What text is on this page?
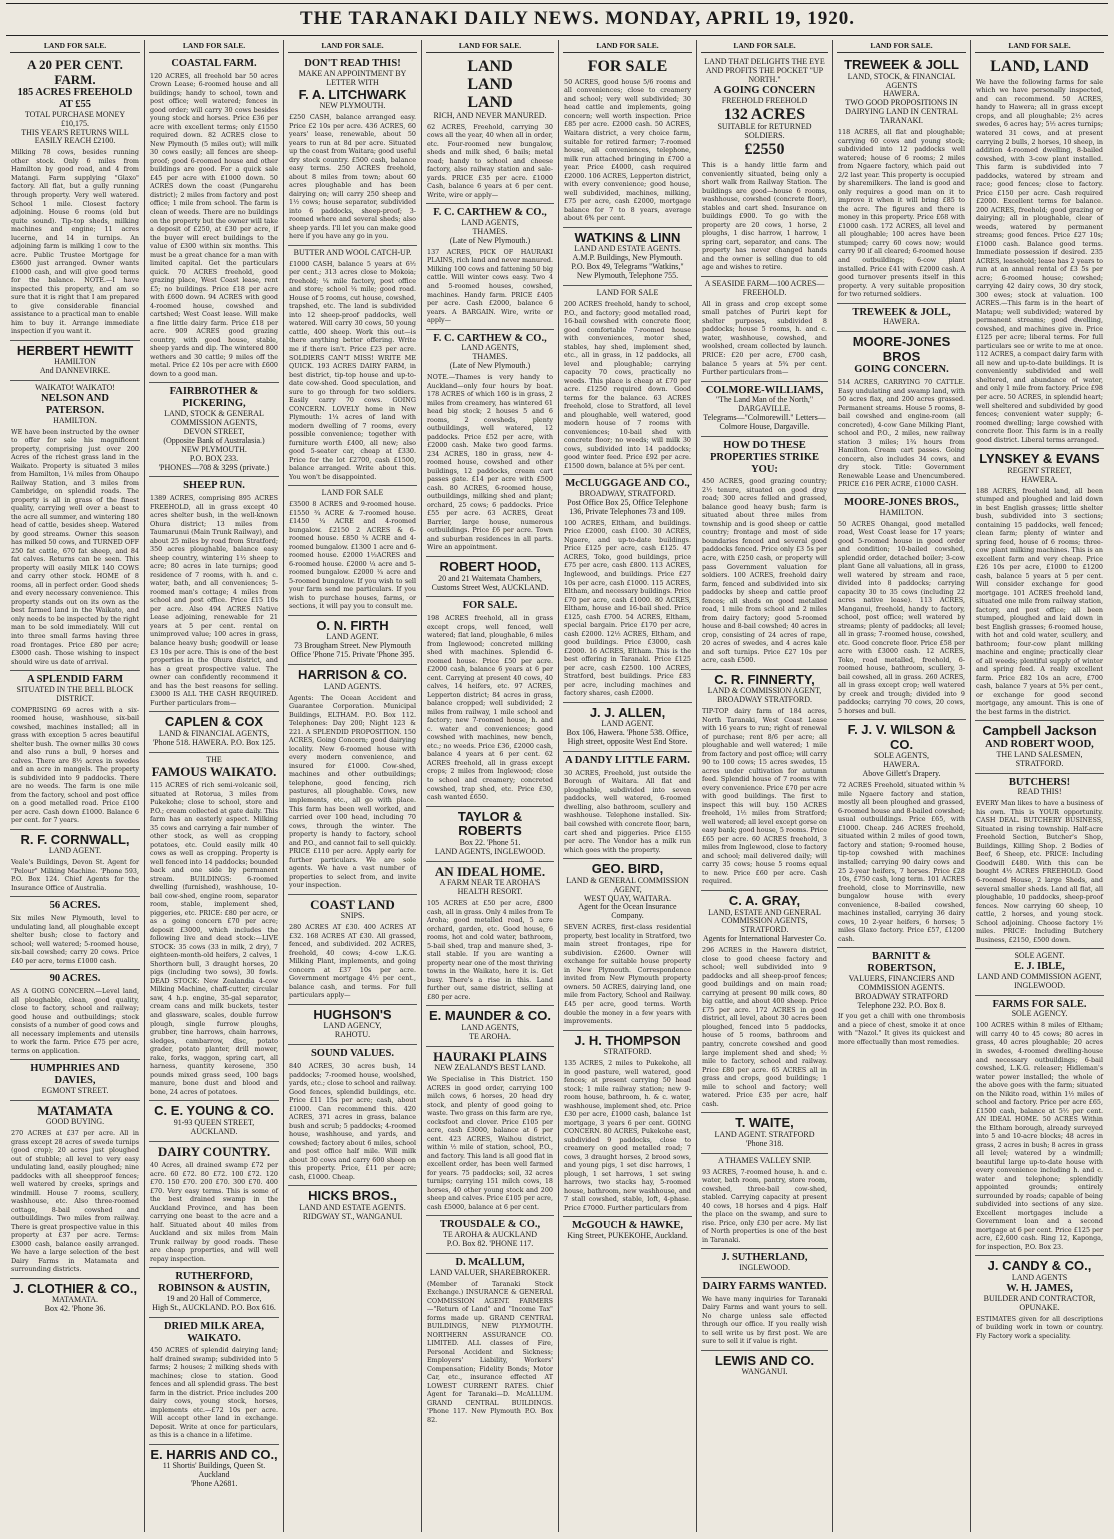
THE TARANAKI DAILY NEWS. MONDAY, APRIL 19, 1920.
LAND FOR SALE.
A 20 PER CENT. FARM.
185 ACRES FREEHOLD AT £55
TOTAL PURCHASE MONEY £10,175.
THIS YEAR'S RETURNS WILL EASILY REACH £2100.
Milking 78 cows, besides running other stock. Only 6 miles from Hamilton by good road, and 4 from Matangi. Farm supplying "Glaxo" factory. All flat, but a gully running through property. Very well watered. School 1 mile. Closest factory adjoining. House 6 rooms (old but quite sound). Tip-top sheds, milking machines and engine; 11 acres lucerne, and 14 in turnips. An adjoining farm is milking 1 cow to the acre. Public Trustee Mortgage for £3600 just arranged. Owner wants £1000 cash, and will give good terms for the balance. NOTE.—I have inspected this property, and am so sure that it is right that I am prepared to give considerable financial assistance to a practical man to enable him to buy it. Arrange immediate inspection if you want it.
HERBERT HEWITT
HAMILTON
And DANNEVIRKE.
WAIKATO! WAIKATO!
NELSON AND PATERSON.
HAMILTON.
WE have been instructed by the owner to offer for sale his magnificent property, comprising just over 200 Acres of the richest grass land in the Waikato. Property is situated 3 miles from Hamilton, 1¼ miles from Ohaupo Railway Station, and 3 miles from Cambridge, on splendid roads. The property is all in grass of the finest quality, carrying well over a beast to the acre all summer, and wintering 180 head of cattle, besides sheep. Watered by good streams. Owner this season has milked 50 cows, and TURNED OFF 250 fat cattle, 670 fat sheep, and 84 fat calves. Returns can be seen. This property will easily MILK 140 COWS and carry other stock. HOME of 8 rooms, all in perfect order. Good sheds and every necessary convenience. This property stands out on its own as the best farmed land in the Waikato, and only needs to be inspected by the right man to be sold immediately. Will cut into three small farms having three road frontages. Price £80 per acre; £3000 cash. Those wishing to inspect should wire us date of arrival.
A SPLENDID FARM
SITUATED IN THE BELL BLOCK DISTRICT.
COMPRISING 69 acres with a six-roomed house, washhouse, six-bail cowshed, machines installed; all in grass with exception 5 acres beautiful shelter bush. The owner milks 30 cows and also runs a bull, 9 horses and calves. There are 8½ acres in swedes and an acre in mangels. The property is subdivided into 9 paddocks. There are no weeds. The farm is one mile from the factory, school and post office on a good metalled road. Price £100 per acre. Cash down £1000. Balance 6 per cent. for 7 years.
R. F. CORNWALL,
LAND AGENT.
Veale's Buildings, Devon St. Agent for "Pelour" Milking Machine. 'Phone 593, P.O. Box 124. Chief Agents for the Insurance Office of Australia.
56 ACRES.
Six miles New Plymouth, level to undulating land, all ploughable except shelter bush; close to factory and school; well watered; 5-roomed house, six-bail cowshed; carry 20 cows. Price £40 per acre, terms £1000 cash.
90 ACRES.
AS A GOING CONCERN.—Level land, all ploughable, clean, good quality, close to factory, school and railway; good house and outbuildings; stock consists of a number of good cows and all necessary implements and utensils to work the farm. Price £75 per acre, terms on application.
HUMPHRIES AND DAVIES,
EGMONT STREET.
MATAMATA
GOOD BUYING.
270 ACRES at £37 per acre. All in grass except 28 acres of swede turnips (good crop); 20 acres just ploughed out of stubble; all level to very easy undulating land, easily ploughed; nine paddocks with all sheepproof fences; well watered by creeks, springs and windmill. House 7 rooms, scullery, washhouse, etc. Also three-roomed cottage, 8-bail cowshed and outbuildings. Two miles from railway. There is great prospective value in this property at £37 per acre. Terms: £3000 cash, balance easily arranged. We have a large selection of the best Dairy Farms in Matamata and surrounding districts.
J. CLOTHIER & CO.,
MATAMATA.
Box 42. 'Phone 36.
LAND FOR SALE.
COASTAL FARM.
120 ACRES, all freehold bar 50 acres Crown Lease; 6-roomed house and all buildings; handy to school, town and post office; well watered; fences in good order; will carry 30 cows besides young stock and horses. Price £36 per acre with excellent terms; only £1550 required down. 82 ACRES close to New Plymouth (5 miles out); will milk 30 cows easily; all fences are sheep-proof; good 6-roomed house and other buildings are good. For a quick sale £45 per acre with £1000 down. 50 ACRES down the coast (Pungarehu district); 2 miles from factory and post office; 1 mile from school. The farm is clean of weeds. There are no buildings on the property but the owner will take a deposit of £250, at £30 per acre, if the buyer will erect buildings to the value of £300 within six months. This must be a great chance for a man with limited capital. Get the particulars quick. 70 ACRES freehold, good grazing place, West Coast lease, rent £5; no buildings. Price £18 per acre with £600 down. 94 ACRES with good 4-roomed house, cowshed and cartshed; West Coast lease. Will make a fine little dairy farm. Price £18 per acre. 909 ACRES good grazing country, with good house, stable, sheep yards and dip. The wintered 800 wethers and 30 cattle; 9 miles off the metal. Price £2 10s per acre with £600 down to a good man.
FAIRBROTHER & PICKERING,
LAND, STOCK & GENERAL COMMISSION AGENTS,
DEVON STREET,
(Opposite Bank of Australasia.)
NEW PLYMOUTH.
P.O. BOX 233.
'PHONES—708 & 329S (private.)
SHEEP RUN.
1389 ACRES, comprising 895 ACRES FREEHOLD, all in grass except 40 acres shelter bush, in the well-known Ohura district; 13 miles from Taumarunui (Main Trunk Railway), and about 25 miles by road from Stratford; 350 acres ploughable, balance easy sheep country, wintering 1½ sheep to acre; 80 acres in late turnips; good residence of 7 rooms, with h. and c. water, bath, and all conveniences; 5-roomed man's cottage; 4 miles from school and post office. Price £15 10s per acre. Also 494 ACRES Native Lease adjoining, renewable for 21 years at 5 per cent. rental on unimproved value; 100 acres in grass, balance heavy bush; goodwill or lease £3 10s per acre. This is one of the best properties in the Ohura district, and has a great prospective value. The owner can confidently recommend it and has the best reasons for selling. £3000 IS ALL THE CASH REQUIRED. Further particulars from—
CAPLEN & COX
LAND & FINANCIAL AGENTS,
'Phone 518. HAWERA. P.O. Box 125.
THE
FAMOUS WAIKATO.
115 ACRES of rich semi-volcanic soil, situated at Rotorua, 3 miles from Pukekohe; close to school, store and P.O.; cream collected at gate daily. This farm has an easterly aspect. Milking 35 cows and carrying a fair number of other stock, as well as cropping potatoes, etc. Could easily milk 40 cows as well as cropping. Property is well fenced into 14 paddocks; bounded back and one side by permanent stream. BUILDINGS: 6-roomed dwelling (furnished), washhouse, 10-bail cow-shed, engine room, separator room, stable, implement shed, piggeries, etc. PRICE: £80 per acre, or as a going concern £70 per acre; deposit £3000, which includes the following live and dead stock:—LIVE STOCK: 35 cows (33 in milk, 2 dry), 7 eighteen-month-old heifers, 2 calves, 1 Shorthorn bull, 3 draught horses, 20 pigs (including two sows), 30 fowls. DEAD STOCK: New Zealandia 4-cow Milking Machine, chaff-cutter, circular saw, 4 h.p. engine, 35-gal separator, cream cans and milk buckets, tester and glassware, scales, double furrow plough, single furrow ploughs, grubber, tine harrows, chain harrows, sledges, cambarrow, disc, potato grader, potato planter, drill mower, rake, forks, waggon, spring cart, all harness, quantity kerosene, 350 pounds mixed grass seed, 100 bags manure, bone dust and blood and bone, 24 acres of potatoes.
C. E. YOUNG & CO.
91-93 QUEEN STREET, AUCKLAND.
DAIRY COUNTRY.
40 Acres, all drained swamp £72 per acre. 60 £72. 80 £72. 100 £72. 120 £70. 150 £70. 200 £70. 300 £70. 400 £70. Very easy terms. This is some of the best drained swamp in the Auckland Province, and has been carrying one beast to the acre and a half. Situated about 40 miles from Auckland and six miles from Main Trunk railway by good roads. These are cheap properties, and will well repay inspection.
RUTHERFORD, ROBINSON & AUSTIN,
19 and 20 Hall of Commerce,
High St., AUCKLAND. P.O. Box 616.
DRIED MILK AREA, WAIKATO.
450 ACRES of splendid dairying land; half drained swamp; subdivided into 5 farms; 2 houses; 2 milking sheds with machines; close to station. Good fences and all splendid grass. The best farm in the district. Price includes 200 dairy cows, young stock, horses, implements etc.—£72 10s per acre. Will accept other land in exchange. Deposit. Write at once for particulars, as this is a chance in a lifetime.
E. HARRIS AND CO.,
11 Shortis' Buildings, Queen St. Auckland
'Phone A2681.
LAND FOR SALE.
DON'T READ THIS!
MAKE AN APPOINTMENT BY LETTER WITH
F. A. LITCHWARK
NEW PLYMOUTH.
£250 CASH, balance arranged easy. Price £2 10s per acre. 436 ACRES, 60 years' lease, renewable, about 50 years to run at 8d per acre. Situated up the coast from Waitara; good useful dry stock country. £500 cash, balance easy terms. 250 ACRES freehold, about 8 miles from town; about 60 acres ploughable and has been dairying on; will carry 250 sheep and 1½ cows; house separator, subdivided into 6 paddocks, sheep-proof; 3-roomed where and several sheds; also sheep yards. I'll let you can make good here if you have any go in you.
BUTTER AND WOOL CATCH-UP.
£1000 CASH, balance 5 years at 6½ per cent.; 313 acres close to Mokoia; freehold; ¼ mile factory, post office and store; school ¼ mile; good road. House of 5 rooms, cut house, cowshed, trapshed, etc. The land is subdivided into 12 sheep-proof paddocks, well watered. Will carry 30 cows, 50 young cattle, 400 sheep. Work this out—is there anything better offering. Write me if there isn't. Price £23 per acre. SOLDIERS CAN'T MISS! WRITE ME QUICK. 193 ACRES DAIRY FARM, in best district, tip-top house and up-to-date cow-shed. Good speculation, and sure to go through for two soldiers. Easily carry 70 cows. GOING CONCERN. LOVELY home in New Plymouth: 1¼ acres of land with modern dwelling of 7 rooms, every possible convenience; together with furniture worth £400, all new; also good 5-seater car, cheap at £330. Price for the lot £2700, cash £1500, balance arranged. Write about this. You won't be disappointed.
LAND FOR SALE
£3500 8 ACRES and 9-roomed house. £1550 ¾ ACRE & 7-roomed house. £1450 ¼ ACRE and 4-roomed bungalow. £2150 2 ACRES & 6-roomed house. £850 ¼ ACRE and 4-roomed bungalow. £1300 1 acre and 6-roomed house. £2000 1½ACRES and 6-roomed house. £2000 ¼ acre and 5-roomed bungalow. £2000 ¼ acre and 5-roomed bungalow. If you wish to sell your farm send me particulars. If you wish to purchase houses, farms, or sections, it will pay you to consult me.
O. N. FIRTH
LAND AGENT.
73 Brougham Street. New Plymouth Office 'Phone 715. Private 'Phone 395.
HARRISON & CO.
LAND AGENTS.
Agents: The Ocean Accident and Guarantee Corporation. Municipal Buildings, ELTHAM. P.O. Box 112. Telephones: Day 200; Night 123 & 221. A SPLENDID PROPOSITION. 150 ACRES, Going Concern; good dairying locality. New 6-roomed house with every modern convenience, and insured for £1000. Cow-shed, machines and other outbuildings; telephone, good fencing, rich pastures, all ploughable. Cows, new implements, etc., all go with place. This farm has been well worked, and carried over 100 head, including 70 cows, through the winter. The property is handy to factory, school and P.O., and cannot fail to sell quickly. PRICE £110 per acre. Apply early for further particulars. We are sole agents. We have a vast number of properties to select from, and invite your inspection.
COAST LAND
SNIPS.
280 ACRES AT £30. 400 ACRES AT £32. 168 ACRES AT £30. All grassed, fenced, and subdivided. 202 ACRES, freehold, 40 cows; 4-cow L.K.G. Milking Plant, implements, and going concern at £37 10s per acre. Government mortgage 4½ per cent., balance cash, and terms. For full particulars apply—
HUGHSON'S
LAND AGENCY,
RAHOTU.
SOUND VALUES.
840 ACRES, 30 acres bush, 14 paddocks; 7-roomed house, woolshed, yards, etc.; close to school and railway. Good fences, splendid buildings, etc. Price £11 15s per acre; cash, about £1000. Can recommend this. 420 ACRES, 371 acres in grass, balance bush and scrub; 5 paddocks; 4-roomed house, washhouse, and yards, and cowshed; factory about 6 miles, school and post office half mile. Will milk about 30 cows and carry 600 sheep on this property. Price, £11 per acre; cash, £1000. Cheap.
HICKS BROS.,
LAND AND ESTATE AGENTS.
RIDGWAY ST., WANGANUI.
LAND FOR SALE.
LAND
LAND
LAND
RICH, AND NEVER MANURED.
62 ACRES, Freehold, carrying 30 cows all the year, 40 when all in order, etc. Four-roomed new bungalow, sheds and milk shed, 6 bails; metal road; handy to school and cheese factory, also railway station and sale-yards. PRICE £35 per acre. £1000 Cash, balance 6 years at 6 per cent. Write, wire or apply—
F. C. CARTHEW & CO.,
LAND AGENTS,
THAMES.
(Late of New Plymouth.)
137 ACRES, PICK OF HAURAKI PLAINS, rich land and never manured. Milking 100 cows and fattening 50 big cattle. Will winter cows easy. Two 4 and 5-roomed houses, cowshed, machines. Handy farm. PRICE £405 per acre. Cash £2000, balance 6 years. A BARGAIN. Wire, write or apply—
F. C. CARTHEW & CO.,
LAND AGENTS,
THAMES.
(Late of New Plymouth.)
NOTE.—Thames is very handy to Auckland—only four hours by boat. 178 ACRES of which 160 is in grass, 2 miles from creamery, has wintered 61 head big stock; 2 houses 5 and 6 rooms, 2 cowsheds, plenty outbuildings, well watered, 12 paddocks. Price £52 per acre, with £2000 cash. Make two good farms. 234 ACRES, 180 in grass, new 4-roomed house, cowshed and other buildings, 12 paddocks, cream cart passes gate. £14 per acre with £500 cash. 80 ACRES, 6-roomed house, outbuildings, milking shed and plant; orchard, 25 cows; 6 paddocks. Price £55 per acre. 63 ACRES, Great Barrier, large house, numerous outbuildings. Price £6 per acre. Town and suburban residences in all parts. Wire an appointment.
ROBERT HOOD,
20 and 21 Waitemata Chambers, Customs Street West, AUCKLAND.
FOR SALE.
198 ACRES freehold, all in grass except crops, well fenced, well watered; flat land, ploughable, 6 miles from Inglewood; concreted milking shed with machines. Splendid 6-roomed house. Price £50 per acre. £2000 cash, balance 6 years at 6 per cent. Carrying at present 40 cows, 40 calves, 14 heifers, etc. 97 ACRES, Lepperton district; 84 acres in grass, balance cropped; well subdivided; 2 miles from railway, 1 mile school and factory; new 7-roomed house, h. and c. water and conveniences; good cowshed with machines, new bench, etc.; no weeds. Price £36, £2000 cash, balance 4 years at 6 per cent. 62 ACRES freehold, all in grass except crops; 2 miles from Inglewood; close to school and creamery; concreted cowshed, trap shed, etc. Price £30, cash wanted £650.
TAYLOR & ROBERTS
Box 22. 'Phone 51.
LAND AGENTS, INGLEWOOD.
AN IDEAL HOME.
A FARM NEAR TE AROHA'S HEALTH RESORT.
105 ACRES at £50 per acre, £800 cash, all in grass. Only 4 miles from Te Aroha; good metalled road, 5 acre orchard, garden, etc. Good house, 6 rooms, hot and cold water, bathroom, 5-bail shed, trap and manure shed, 3-stall stable. If you are wanting a property near one of the most thriving towns in the Waikato, here it is. Get busy. There's a rise in this. Land further out, same district, selling at £80 per acre.
E. MAUNDER & CO.
LAND AGENTS,
TE AROHA.
HAURAKI PLAINS
NEW ZEALAND'S BEST LAND.
We Specialise in This District. 150 ACRES in good order, carrying 100 milch cows, 6 horses, 20 head dry stock, and plenty of good going to waste. Two grass on this farm are rye, cocksfoot and clover. Price £105 per acre, cash £3000, balance at 6 per cent. 423 ACRES, Waihou district, within ½ mile of station, school, P.O., and factory. This land is all good flat in excellent order, has been well farmed for years. 75 paddocks; soil, 32 acres turnips; carrying 151 milch cows, 18 horses, 40 other young stock and 200 sheep and calves. Price £105 per acre, cash £5000, balance at 6 per cent.
TROUSDALE & CO.,
TE AROHA & AUCKLAND
P.O. Box 82. 'PHONE 117.
D. McALLUM,
LAND VALUER, SHAREBROKER.
(Member of Taranaki Stock Exchange.) INSURANCE & GENERAL COMMISSION AGENT. FARMERS—"Return of Land" and "Income Tax" forms made up. GRAND CENTRAL BUILDINGS, NEW PLYMOUTH. NORTHERN ASSURANCE CO. LIMITED. ALL classes of Fire, Personal Accident and Sickness; Employers' Liability, Workers' Compensation; Fidelity Bonds; Motor Car, etc., insurance effected AT LOWEST CURRENT RATES. Chief Agent for Taranaki—D. McALLUM. GRAND CENTRAL BUILDINGS. 'Phone 117. New Plymouth P.O. Box 82.
LAND FOR SALE.
FOR SALE
50 ACRES, good house 5/6 rooms and all conveniences; close to creamery and school; very well subdivided; 30 head cattle and implements, going concern; well worth inspection. Price £85 per acre. £2000 cash. 50 ACRES, Waitara district, a very choice farm, suitable for retired farmer; 7-roomed house, all conveniences, telephone, milk run attached bringing in £700 a year. Price £4000, cash required £2000. 106 ACRES, Lepperton district, with every convenience; good house, well subdivided, machines, milking, £75 per acre, cash £2000, mortgage balance for 7 to 8 years, average about 6% per cent.
WATKINS & LINN
LAND AND ESTATE AGENTS.
A.M.P. Buildings, New Plymouth.
P.O. Box 49, Telegrams "Watkins," New Plymouth, Telephone 755.
LAND FOR SALE
200 ACRES freehold, handy to school, P.O., and factory; good metalled road, 16-bail cowshed with concrete floor, good comfortable 7-roomed house with conveniences, motor shed, stables, hay shed, implement shed, etc., all in grass, in 12 paddocks, all level and ploughable; carrying capacity 70 cows, practically no weeds. This place is cheap at £70 per acre. £1250 required down. Good terms for the balance. 63 ACRES freehold, close to Stratford, all level and ploughable, well watered, good modern house of 7 rooms with conveniences; 10-bail shed with concrete floor; no weeds; will milk 30 cows, subdivided into 14 paddocks; good winter feed. Price £92 per acre. £1500 down, balance at 5¾ per cent.
McCLUGGAGE AND CO.,
BROADWAY, STRATFORD.
Post Office Box 25, Office Telephone 136, Private Telephones 73 and 109.
100 ACRES, Eltham, and buildings. Price £2000, cash £100. 30 ACRES, Ngaere, and up-to-date buildings. Price £125 per acre, cash £125. 47 ACRES, Toko, good buildings, price £75 per acre, cash £800. 113 ACRES, Inglewood, and buildings. Price £27 10s per acre, cash £1000. 115 ACRES, Eltham, and necessary buildings. Price £70 per acre, cash £1000. 80 ACRES, Eltham, house and 16-bail shed. Price £125, cash £700. 54 ACRES, Eltham, special bargain. Price £170 per acre, cash £2000. 12½ ACRES, Eltham, and good buildings. Price £3000, cash £2000. 16 ACRES, Eltham. This is the best offering in Taranaki. Price £125 per acre, cash £2500. 100 ACRES, Stratford, best buildings. Price £83 per acre, including machines and factory shares, cash £2000.
J. J. ALLEN,
LAND AGENT.
Box 106, Hawera. 'Phone 538. Office, High street, opposite West End Store.
A DANDY LITTLE FARM.
30 ACRES, Freehold, just outside the Borough of Waitara. All flat and ploughable, subdivided into seven paddocks, well watered, 6-roomed dwelling, also bathroom, scullery and washhouse. Telephone installed. Six-bail cowshed with concrete floor, barn, cart shed and piggeries. Price £155 per acre. The Vendor has a milk run which goes with the property.
GEO. BIRD,
LAND & GENERAL COMMISSION AGENT,
WEST QUAY, WAITARA.
Agent for the Ocean Insurance Company.
SEVEN ACRES, first-class residential property, best locality in Stratford, two main street frontages, ripe for subdivision. £2600. Owner will exchange for suitable house property in New Plymouth. Correspondence invited from New Plymouth property owners. 50 ACRES, dairying land, one mile from Factory, School and Railway. £45 per acre, good terms. Worth double the money in a few years with improvements.
J. H. THOMPSON
STRATFORD.
135 ACRES, 2 miles to Pukekohe, all in good pasture, well watered, good fences; at present carrying 50 head stock; 1 mile railway station; new 9-room house, bathroom, h. & c. water, washhouse, implement shed, etc. Price £30 per acre, £1000 cash, balance 1st mortgage, 3 years 6 per cent. GOING CONCERN. 80 ACRES, Pukekohe east, subdivided 9 paddocks, close to creamery on good metalled road; 7 cows, 3 draught horses, 2 brood sows, and young pigs, 1 set disc harrows, 1 plough, 1 set harrows, 1 set swing harrows, two stacks hay, 5-roomed house, bathroom, new washhouse, and 7 stall cowshed, stable, loft, 4-phase. Price £7000. Further particulars from
McGOUCH & HAWKE,
King Street, PUKEKOHE, Auckland.
LAND FOR SALE.
LAND THAT DELIGHTS THE EYE AND PROFITS THE POCKET "UP NORTH."
A GOING CONCERN
FREEHOLD FREEHOLD
132 ACRES
SUITABLE for RETURNED SOLDIERS.
£2550
This is a handy little farm and conveniently situated, being only a short walk from Railway Station. The buildings are good—house 6 rooms, washhouse, cowshed (concrete floor), stables and cart shed. Insurance on buildings £900. To go with the property are 20 cows, 1 horse, 2 ploughs, 1 disc harrow, 1 harrow, 1 spring cart, separator, and cans. The property has never changed hands and the owner is selling due to old age and wishes to retire.
A SEASIDE FARM—100 ACRES—FREEHOLD.
All in grass and crop except some small patches of Puriri kept for shelter purposes, subdivided 8 paddocks; house 5 rooms, h. and c. water, washhouse, cowshed, and woolshed, cream collected by launch. PRICE: £20 per acre, £700 cash, balance 5 years at 5¾ per cent. Further particulars from—
COLMORE-WILLIAMS,
"The Land Man of the North,"
DARGAVILLE.
Telegrams—"Colmorewill." Letters—Colmore House, Dargaville.
HOW DO THESE PROPERTIES STRIKE YOU:
450 ACRES, good grazing country; 2½ tenure, situated on good dray road; 300 acres felled and grassed, balance good heavy bush; farm is situated about three miles from township and is good sheep or cattle country; frontage and most of side boundaries fenced and several good paddocks fenced. Price only £3 5s per acre, with £250 cash, or property will pass Government valuation for soldiers. 100 ACRES, freehold dairy farm, fenced and subdivided into six paddocks by sheep and cattle proof fences; all sheds on good metalled road, 1 mile from school and 2 miles from dairy factory; good 5-roomed house and 8-bail cowshed; 40 acres in crop, consisting of 24 acres of rape, 20 acres of swedes, and 4 acres kale and soft turnips. Price £27 10s per acre, cash £500.
C. R. FINNERTY,
LAND & COMMISSION AGENT,
BROADWAY STRATFORD.
TIP-TOP dairy farm of 184 acres, North Taranaki, West Coast Lease with 16 years to run; right of renewal of purchase; rent 8/6 per acre; all ploughable and well watered; 1 mile from factory and post office; will carry 90 to 100 cows; 15 acres swedes, 15 acres under cultivation for autumn feed. Splendid house of 7 rooms with every convenience. Price £70 per acre with good buildings. The first to inspect this will buy. 150 ACRES freehold, 1½ miles from Stratford; well watered; all level except gorse on easy bank; good house, 5 rooms. Price £65 per acre. 60 ACRES freehold, 3 miles from Inglewood, close to factory and school; mail delivered daily; will carry 35 cows; house 5 rooms equal to new. Price £60 per acre. Cash required.
C. A. GRAY,
LAND, ESTATE AND GENERAL COMMISSION AGENTS,
STRATFORD.
Agents for International Harvester Co.
296 ACRES in the Hawera district, close to good cheese factory and school; well subdivided into 9 paddocks and all sheep-proof fences; good buildings and on main road; carrying at present 90 milk cows, 80 big cattle, and about 400 sheep. Price £75 per acre. 172 ACRES in good district, all level, about 30 acres been ploughed, fenced into 5 paddocks, house of 5 rooms, bathroom and pantry, concrete cowshed and good large implement shed and shed; ½ mile to factory, school and railway. Price £80 per acre. 65 ACRES all in grass and crops, good buildings; 1 mile to school and factory; well watered. Price £35 per acre, half cash.
T. WAITE,
LAND AGENT. STRATFORD
'Phone 318.
A THAMES VALLEY SNIP.
93 ACRES, 7-roomed house, h. and c. water, bath room, pantry, store room, cowshed, three-bail cow-shed, stabled. Carrying capacity at present 40 cows, 18 horses and 4 pigs. Half the place on the swamp, and sure to rise. Price, only £30 per acre. My list of North properties is one of the best in Taranaki.
J. SUTHERLAND,
INGLEWOOD.
DAIRY FARMS WANTED.
We have many inquiries for Taranaki Dairy Farms and want yours to sell. No charge unless sale effected through our office. If you really wish to sell write us by first post. We are sure to sell it if value is right.
LEWIS AND CO.
WANGANUI.
LAND FOR SALE.
TREWEEK & JOLL
LAND, STOCK, & FINANCIAL AGENTS
HAWERA.
TWO GOOD PROPOSITIONS IN DAIRYING LAND IN CENTRAL TARANAKI.
118 ACRES, all flat and ploughable; carrying 60 cows and young stock; subdivided into 12 paddocks well watered; house of 6 rooms; 2 miles from Ngaere factory, which paid out 2/2 last year. This property is occupied by sharemilkers. The land is good and only requires a good man on it to improve it when it will bring £85 to the acre. The figures and there is money in this property. Price £68 with £1000 cash. 172 ACRES, all level and all ploughable; 100 acres have been stumped; carry 60 cows now; would carry 90 if all cleared; 6-roomed house and outbuildings; 6-cow plant installed. Price £41 with £2000 cash. A good turnover presents itself in this property. A very suitable proposition for two returned soldiers.
TREWEEK & JOLL,
HAWERA.
MOORE-JONES BROS
GOING CONCERN.
514 ACRES, CARRYING 70 CATTLE. Easy undulating and swamp land, with 50 acres flax, and 200 acres grassed. Permanent streams. House 5 rooms, 8-bail cowshed and engine-room (all concreted), 4-cow Gane Milking Plant, school and P.O., 2 miles, new railway station 3 miles; 1¾ hours from Hamilton. Cream cart passes. Going concern, also includes 34 cows, and dry stock. Title: Government Renewable Lease and Unencumbered. PRICE £16 PER ACRE, £1000 CASH.
MOORE-JONES BROS.,
HAMILTON.
50 ACRES Ohangai, good metalled road, West Coast lease for 17 years; good 5-roomed house in good order and condition; 10-bailed cowshed, splendid order, detached boiler; 3-cow plant Gane all valuations, all in grass, well watered by stream and race, divided into 8 paddocks; carrying capacity 30 to 35 cows (including 22 acres native lease). 113 ACRES, Manganui, freehold, handy to factory, school, post office; well watered by streams; plenty of paddocks; all level; all in grass; 7-roomed house, cowshed, etc. Good concrete floor. Price £58 per acre with £3000 cash. 12 ACRES, Toko, road metalled, freehold, 6-roomed house, bathroom, scullery, 3-bail cowshed, all in grass. 260 ACRES, all in grass except crop; well watered by creek and trough; divided into 9 paddocks; carrying 70 cows, 20 cows, 5 horses and bull.
F. J. V. WILSON & CO.
SOLE AGENTS,
HAWERA.
Above Gillett's Drapery.
72 ACRES Freehold, situated within ¾ mile Ngaere factory and station, mostly all been ploughed and grassed, 6-roomed house and 8-bailed cowshed; usual outbuildings. Price £65, with £1000. Cheap. 246 ACRES freehold, situated within 2 miles of good town, factory and station; 9-roomed house, tip-top cowshed with machines installed; carrying 90 dairy cows and 25 2-year heifers, 7 horses. Price £28 10s, £750 cash, long term. 101 ACRES freehold, close to Morrinsville, new bungalow house with every convenience, 8-bailed cowshed, machines installed, carrying 36 dairy cows, 10 2-year heifers, 6 horses; 5 miles Glaxo factory. Price £57, £1200 cash.
BARNITT & ROBERTSON,
VALUERS, FINANCIERS AND COMMISSION AGENTS.
BROADWAY STRATFORD
Telephone 232. P.O. Box 8.
If you get a chill with one thrombosis and a piece of chest, smoke it at once with "Nazol." It gives its quickest and more effectually than most remedies.
LAND FOR SALE.
LAND, LAND
We have the following farms for sale which we have personally inspected, and can recommend. 50 ACRES, handy to Hawera; all in grass except crops, and all ploughable; 2½ acres swedes, 6 acres hay; 5½ acres turnips; watered 31 cows, and at present carrying 2 bulls, 2 horses, 10 sheep, in addition 4-roomed dwelling, 8-bailed cowshed, with 3-cow plant installed. This farm is subdivided into 7 paddocks, watered by stream and race; good fences; close to factory. Price £150 per acre. Cash required £2000. Excellent terms for balance. 200 ACRES, freehold; good grazing or dairying; all in ploughable, clear of weeds, watered by permanent streams; good fences. Price £27 10s; £1000 cash. Balance good terms. Immediate possession if desired. 235 ACRES, leasehold; lease has 2 years to run at an annual rental of £3 5s per acre; 6-roomed house; cowshed; carrying 42 dairy cows, 30 dry stock, 300 ewes; stock at valuation. 100 ACRES.—This farm is in the heart of Matapu; well subdivided; watered by permanent streams; good dwelling, cowshed, and machines give in. Price £125 per acre; liberal terms. For full particulars see or write to me at once. 112 ACRES, a compact dairy farm with all new and up-to-date buildings. It is conveniently subdivided and well sheltered, and abundance of water, and only 1 mile from factory. Price £98 per acre. 50 ACRES, in splendid heart; well sheltered and subdivided by good fences; convenient water supply; 6-roomed dwelling; large cowshed with concrete floor. This farm is in a really good district. Liberal terms arranged.
LYNSKEY & EVANS
REGENT STREET,
HAWERA.
188 ACRES, freehold land, all been stumped and ploughed and laid down in best English grasses; little shelter bush, subdivided into 3 sections; containing 15 paddocks, well fenced; clean farm; plenty of winter and spring feed, house of 6 rooms; three-cow plant milking machines. This is an excellent farm and very cheap. Price £26 10s per acre, £1000 to £1200 cash, balance 5 years at 5 per cent. Will consider exchange for good mortgage. 101 ACRES freehold land, situated one mile from railway station, factory, and post office; all been stumped, ploughed and laid down in best English grasses; 6-roomed house, with hot and cold water, scullery, and bathroom; four-cow plant milking machine and engine; practically clear of all weeds; plentiful supply of winter and spring feed. A really excellent farm. Price £82 10s an acre, £700 cash, balance 7 years at 5¾ per cent., or exchange for good second mortgage, any amount. This is one of the best farms in the district.
Campbell Jackson
AND ROBERT WOOD,
THE LAND SALESMEN,
STRATFORD.
BUTCHERS!
READ THIS!
EVERY Man likes to have a business of his own. This is YOUR opportunity. CASH DEAL. BUTCHERY BUSINESS, Situated in rising township. Half-acre Freehold Section, Butcher's Shop, Buildings, Killing Shop. 2 Bodies of Beef, 6 Sheep, etc. PRICE: Including Goodwill £480. With this can be bought 4½ ACRES FREEHOLD. Good 6-roomed House, 2 large Sheds, and several smaller sheds. Land all flat, all ploughable, 10 paddocks, sheep-proof fences. Now carrying 60 sheep, 10 cattle, 2 horses, and young stock. School adjoining. Choose factory 1½ miles. PRICE: Including Butchery Business, £2150, £500 down.
SOLE AGENT.
E. J. IBLE,
LAND AND COMMISSION AGENT,
INGLEWOOD.
FARMS FOR SALE.
SOLE AGENCY.
100 ACRES within 8 miles of Eltham; will carry 40 to 45 cows; 80 acres in grass, 40 acres ploughable; 20 acres in swedes, 4-roomed dwelling-house and necessary outbuildings; 6-bail cowshed, L.K.G. releaser; Hidleman's water power installed; the whole of the above goes with the farm; situated on the Nikito road, within 1½ miles of school and factory. Price per acre £65, £1500 cash, balance at 5½ per cent. AN IDEAL HOME. 50 ACRES Within the Eltham borough, already surveyed into 5 and 10-acre blocks; 48 acres in grass, 2 acres in bush; 8 acres in grass all level; watered by a windmill; beautiful large up-to-date house with every convenience including h. and c. water and telephone; splendidly appointed grounds; entirely surrounded by roads; capable of being subdivided into sections of any size. Excellent mortgages include a Government loan and a second mortgage at 6 per cent. Price £125 per acre, £2,600 cash. Ring 12, Kaponga, for inspection, P.O. Box 23.
J. CANDY & CO.,
LAND AGENTS
W. H. JAMES,
BUILDER AND CONTRACTOR, OPUNAKE.
ESTIMATES given for all descriptions of building work in town or country. Fly Factory work a speciality.
